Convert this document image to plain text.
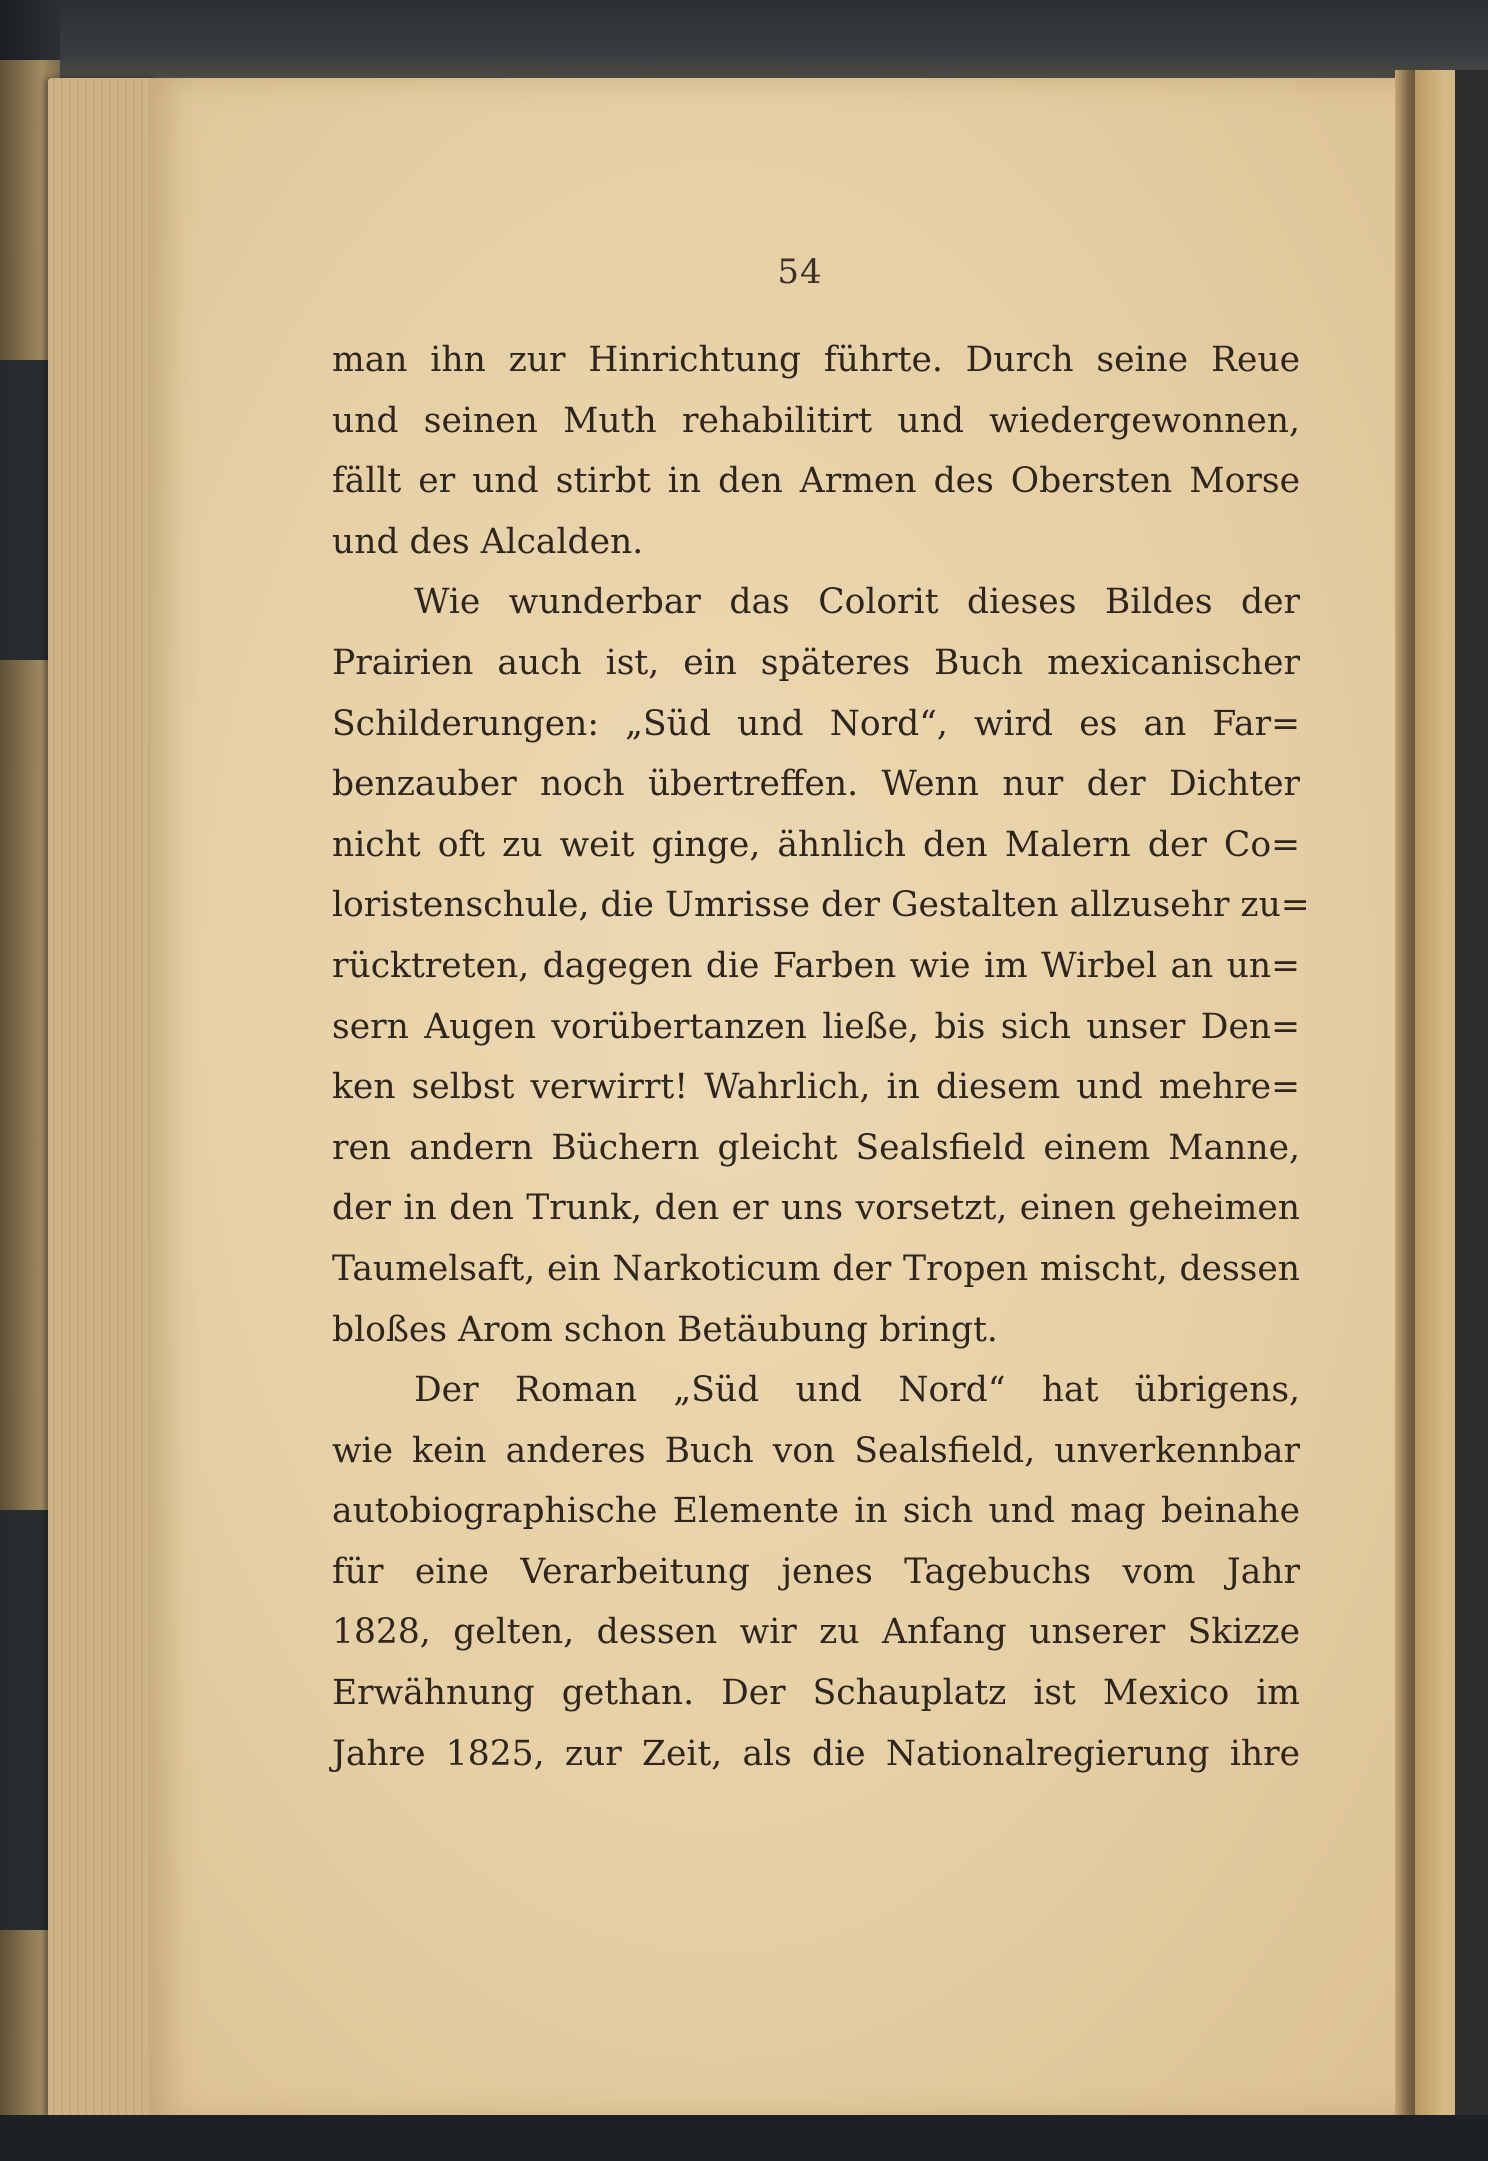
54
man ihn zur Hinrichtung führte. Durch seine Reue
und seinen Muth rehabilitirt und wiedergewonnen,
fällt er und stirbt in den Armen des Obersten Morse
und des Alcalden.
Wie wunderbar das Colorit dieses Bildes der
Prairien auch ist, ein späteres Buch mexicanischer
Schilderungen: „Süd und Nord“, wird es an Far=
benzauber noch übertreffen. Wenn nur der Dichter
nicht oft zu weit ginge, ähnlich den Malern der Co=
loristenschule, die Umrisse der Gestalten allzusehr zu=
rücktreten, dagegen die Farben wie im Wirbel an un=
sern Augen vorübertanzen ließe, bis sich unser Den=
ken selbst verwirrt! Wahrlich, in diesem und mehre=
ren andern Büchern gleicht Sealsfield einem Manne,
der in den Trunk, den er uns vorsetzt, einen geheimen
Taumelsaft, ein Narkoticum der Tropen mischt, dessen
bloßes Arom schon Betäubung bringt.
Der Roman „Süd und Nord“ hat übrigens,
wie kein anderes Buch von Sealsfield, unverkennbar
autobiographische Elemente in sich und mag beinahe
für eine Verarbeitung jenes Tagebuchs vom Jahr
1828, gelten, dessen wir zu Anfang unserer Skizze
Erwähnung gethan. Der Schauplatz ist Mexico im
Jahre 1825, zur Zeit, als die Nationalregierung ihre
